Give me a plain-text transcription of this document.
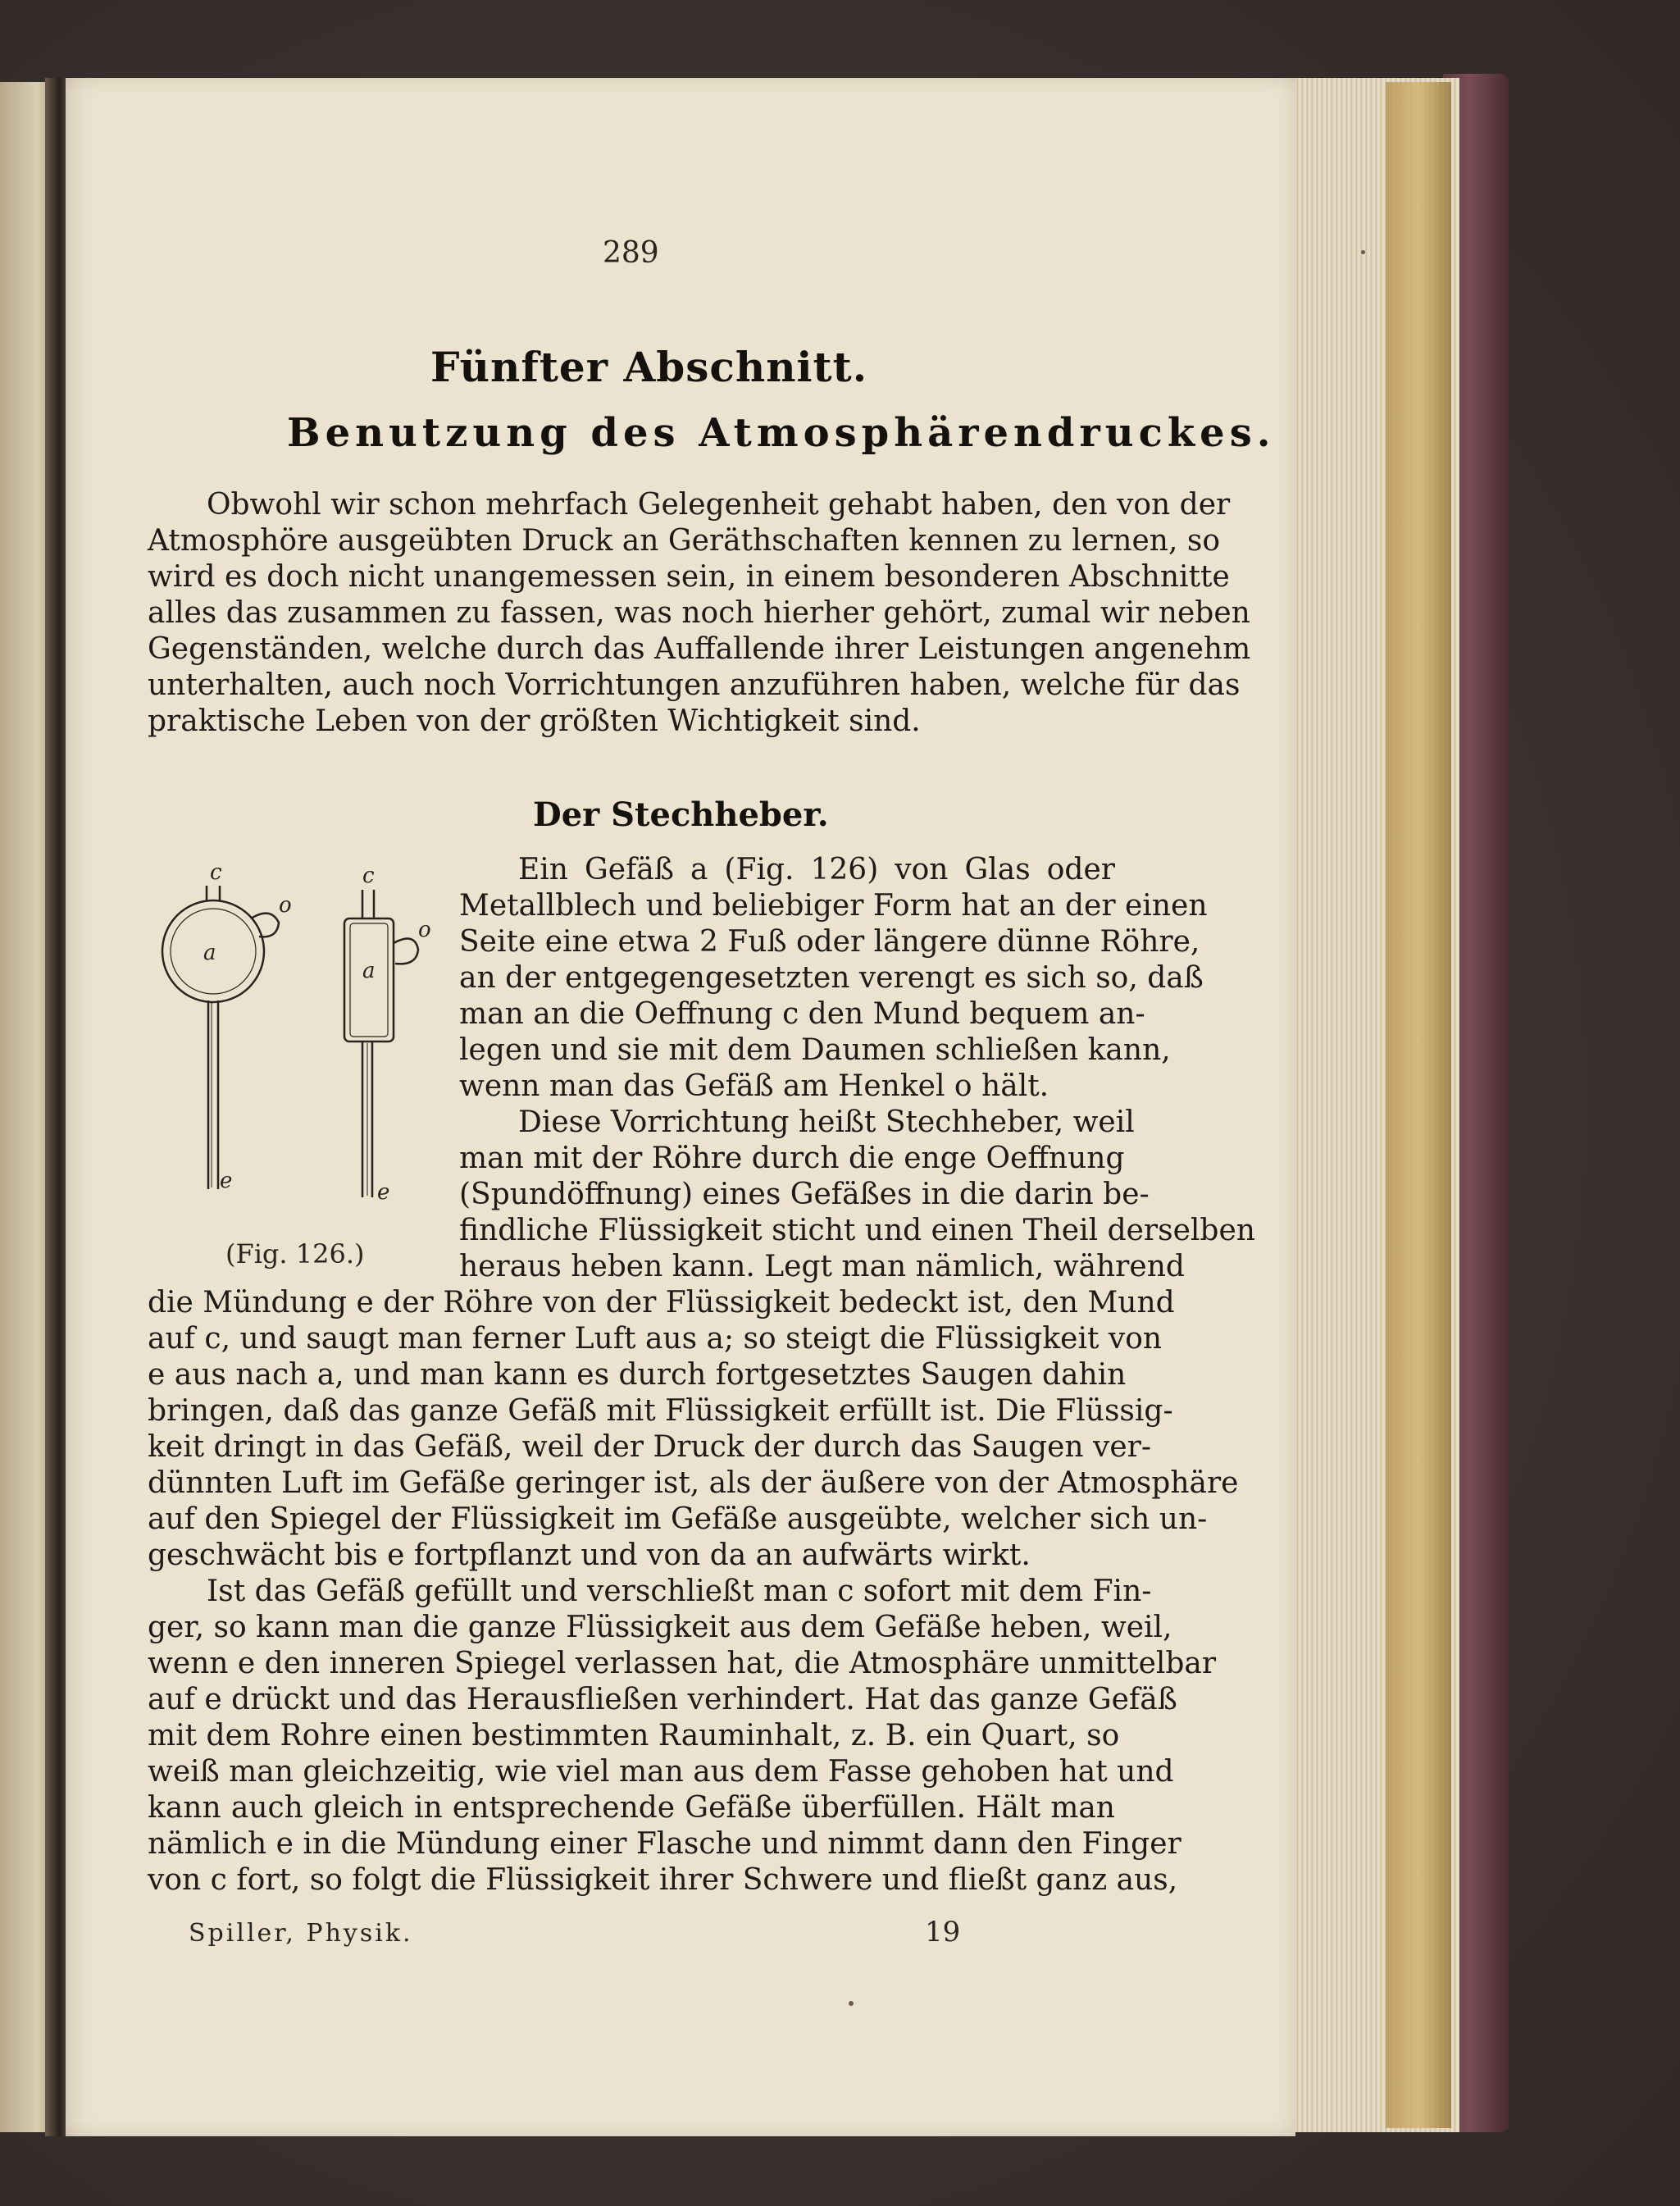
289
Fünfter Abschnitt.
Benutzung des Atmosphärendruckes.
Obwohl wir schon mehrfach Gelegenheit gehabt haben, den von der
Atmosphöre ausgeübten Druck an Geräthschaften kennen zu lernen, so
wird es doch nicht unangemessen sein, in einem besonderen Abschnitte
alles das zusammen zu fassen, was noch hierher gehört, zumal wir neben
Gegenständen, welche durch das Auffallende ihrer Leistungen angenehm
unterhalten, auch noch Vorrichtungen anzuführen haben, welche für das
praktische Leben von der größten Wichtigkeit sind.
Der Stechheber.
c
o
a
e
c
o
a
e
(Fig. 126.)
Ein Gefäß a (Fig. 126) von Glas oder
Metallblech und beliebiger Form hat an der einen
Seite eine etwa 2 Fuß oder längere dünne Röhre,
an der entgegengesetzten verengt es sich so, daß
man an die Oeffnung c den Mund bequem an-
legen und sie mit dem Daumen schließen kann,
wenn man das Gefäß am Henkel o hält.
Diese Vorrichtung heißt Stechheber, weil
man mit der Röhre durch die enge Oeffnung
(Spundöffnung) eines Gefäßes in die darin be-
findliche Flüssigkeit sticht und einen Theil derselben
heraus heben kann. Legt man nämlich, während
die Mündung e der Röhre von der Flüssigkeit bedeckt ist, den Mund
auf c, und saugt man ferner Luft aus a; so steigt die Flüssigkeit von
e aus nach a, und man kann es durch fortgesetztes Saugen dahin
bringen, daß das ganze Gefäß mit Flüssigkeit erfüllt ist. Die Flüssig-
keit dringt in das Gefäß, weil der Druck der durch das Saugen ver-
dünnten Luft im Gefäße geringer ist, als der äußere von der Atmosphäre
auf den Spiegel der Flüssigkeit im Gefäße ausgeübte, welcher sich un-
geschwächt bis e fortpflanzt und von da an aufwärts wirkt.
Ist das Gefäß gefüllt und verschließt man c sofort mit dem Fin-
ger, so kann man die ganze Flüssigkeit aus dem Gefäße heben, weil,
wenn e den inneren Spiegel verlassen hat, die Atmosphäre unmittelbar
auf e drückt und das Herausfließen verhindert. Hat das ganze Gefäß
mit dem Rohre einen bestimmten Rauminhalt, z. B. ein Quart, so
weiß man gleichzeitig, wie viel man aus dem Fasse gehoben hat und
kann auch gleich in entsprechende Gefäße überfüllen. Hält man
nämlich e in die Mündung einer Flasche und nimmt dann den Finger
von c fort, so folgt die Flüssigkeit ihrer Schwere und fließt ganz aus,
Spiller, Physik.	19
